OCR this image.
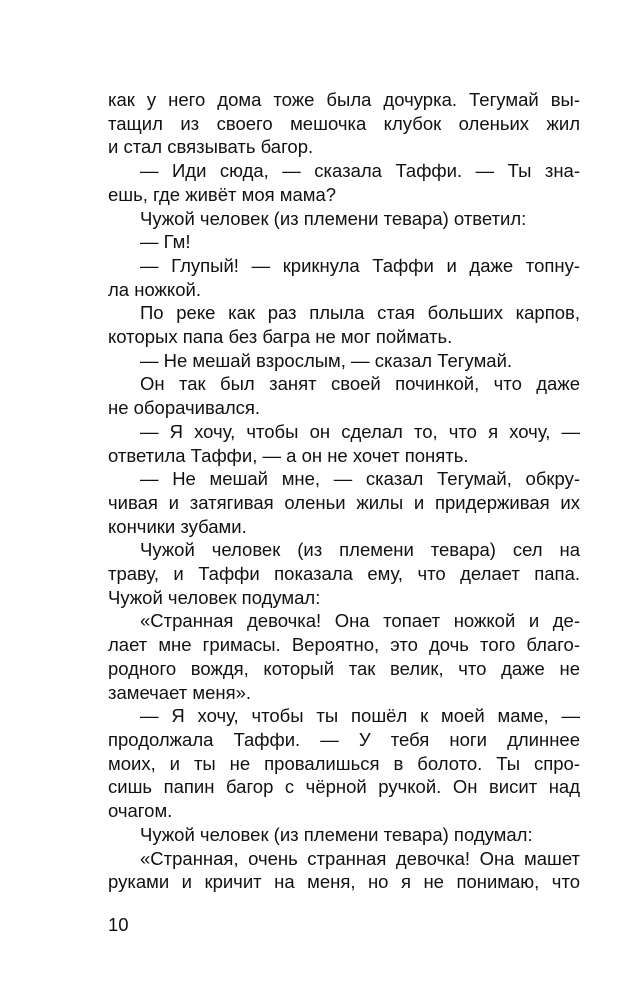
как у него дома тоже была дочурка. Тегумай вы-
тащил из своего мешочка клубок оленьих жил
и стал связывать багор.
— Иди сюда, — сказала Таффи. — Ты зна-
ешь, где живёт моя мама?
Чужой человек (из племени тевара) ответил:
— Гм!
— Глупый! — крикнула Таффи и даже топну-
ла ножкой.
По реке как раз плыла стая больших карпов,
которых папа без багра не мог поймать.
— Не мешай взрослым, — сказал Тегумай.
Он так был занят своей починкой, что даже
не оборачивался.
— Я хочу, чтобы он сделал то, что я хочу, —
ответила Таффи, — а он не хочет понять.
— Не мешай мне, — сказал Тегумай, обкру-
чивая и затягивая оленьи жилы и придерживая их
кончики зубами.
Чужой человек (из племени тевара) сел на
траву, и Таффи показала ему, что делает папа.
Чужой человек подумал:
«Странная девочка! Она топает ножкой и де-
лает мне гримасы. Вероятно, это дочь того благо-
родного вождя, который так велик, что даже не
замечает меня».
— Я хочу, чтобы ты пошёл к моей маме, —
продолжала Таффи. — У тебя ноги длиннее
моих, и ты не провалишься в болото. Ты спро-
сишь папин багор с чёрной ручкой. Он висит над
очагом.
Чужой человек (из племени тевара) подумал:
«Странная, очень странная девочка! Она машет
руками и кричит на меня, но я не понимаю, что
10
